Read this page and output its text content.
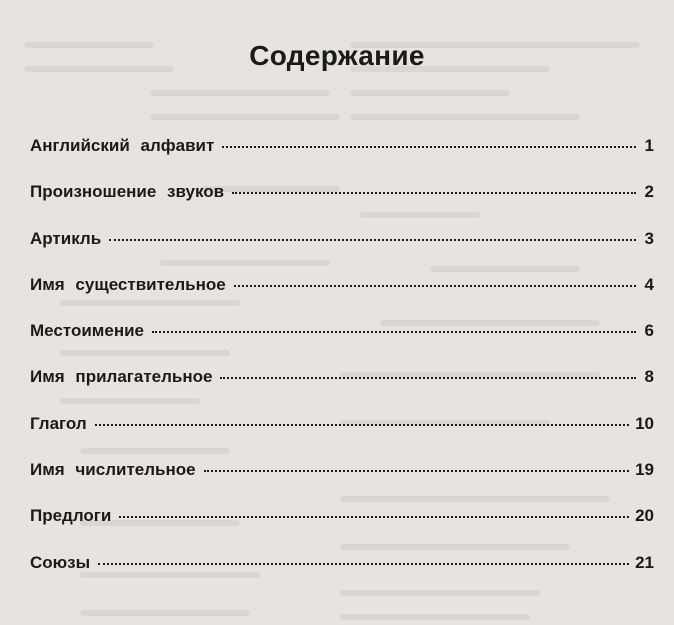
Содержание
Английский алфавит	1
Произношение звуков	2
Артикль	3
Имя существительное	4
Местоимение	6
Имя прилагательное	8
Глагол	10
Имя числительное	19
Предлоги	20
Союзы	21
